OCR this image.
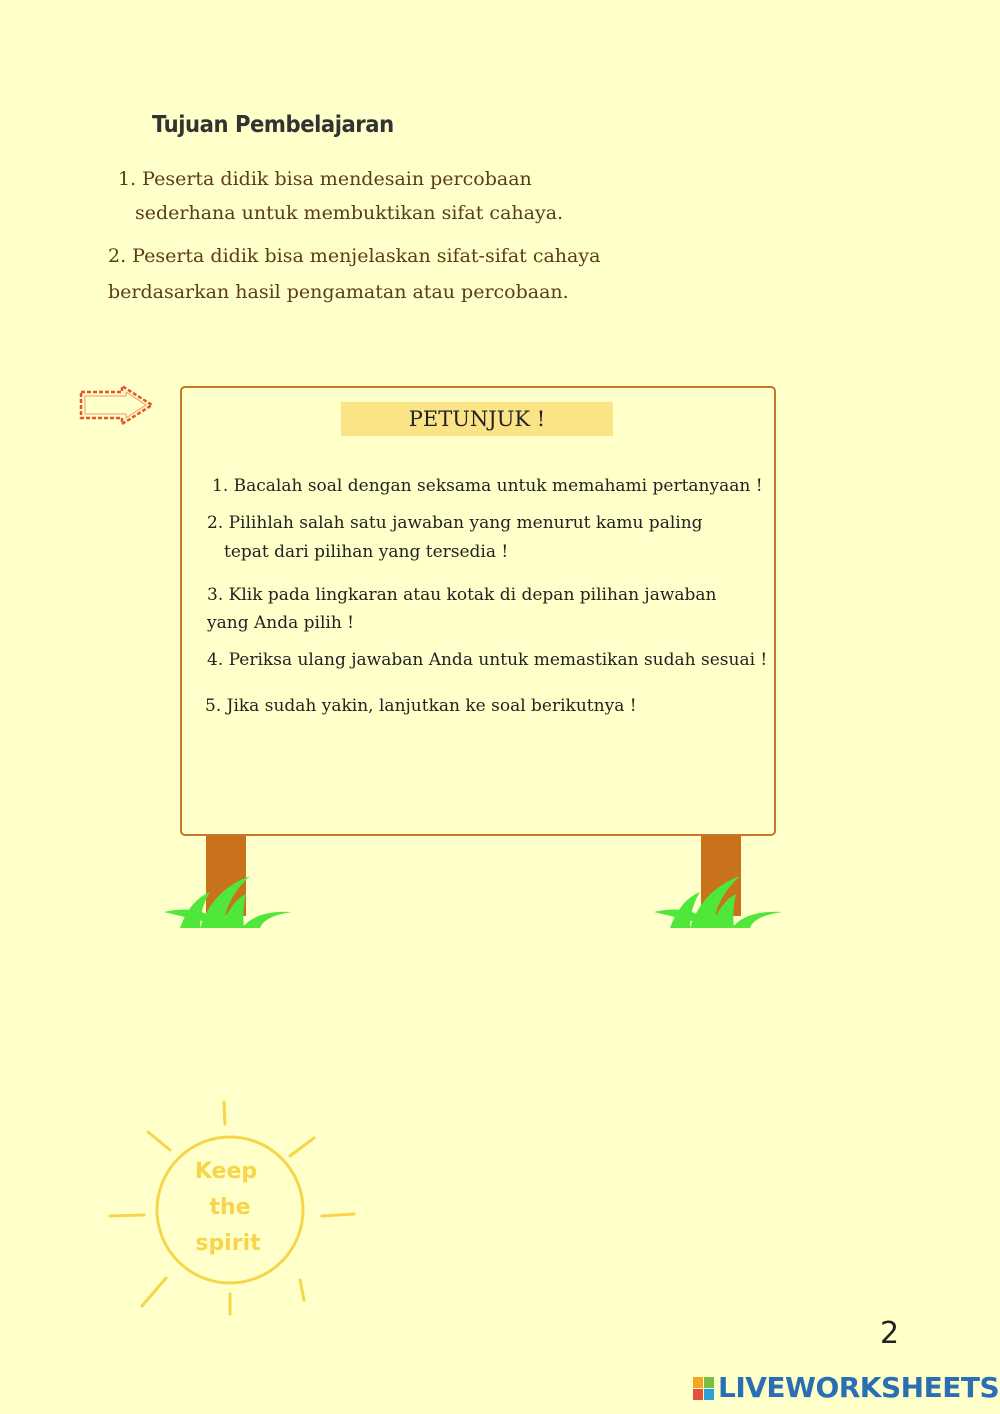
Tujuan Pembelajaran
1. Peserta didik bisa mendesain percobaan
sederhana untuk membuktikan sifat cahaya.
2. Peserta didik bisa menjelaskan sifat-sifat cahaya
berdasarkan hasil pengamatan atau percobaan.
PETUNJUK !
1. Bacalah soal dengan seksama untuk memahami pertanyaan !
2. Pilihlah salah satu jawaban yang menurut kamu paling
tepat dari pilihan yang tersedia !
3. Klik pada lingkaran atau kotak di depan pilihan jawaban
yang Anda pilih !
4. Periksa ulang jawaban Anda untuk memastikan sudah sesuai !
5. Jika sudah yakin, lanjutkan ke soal berikutnya !
Keep
the
spirit
2
LIVEWORKSHEETS
